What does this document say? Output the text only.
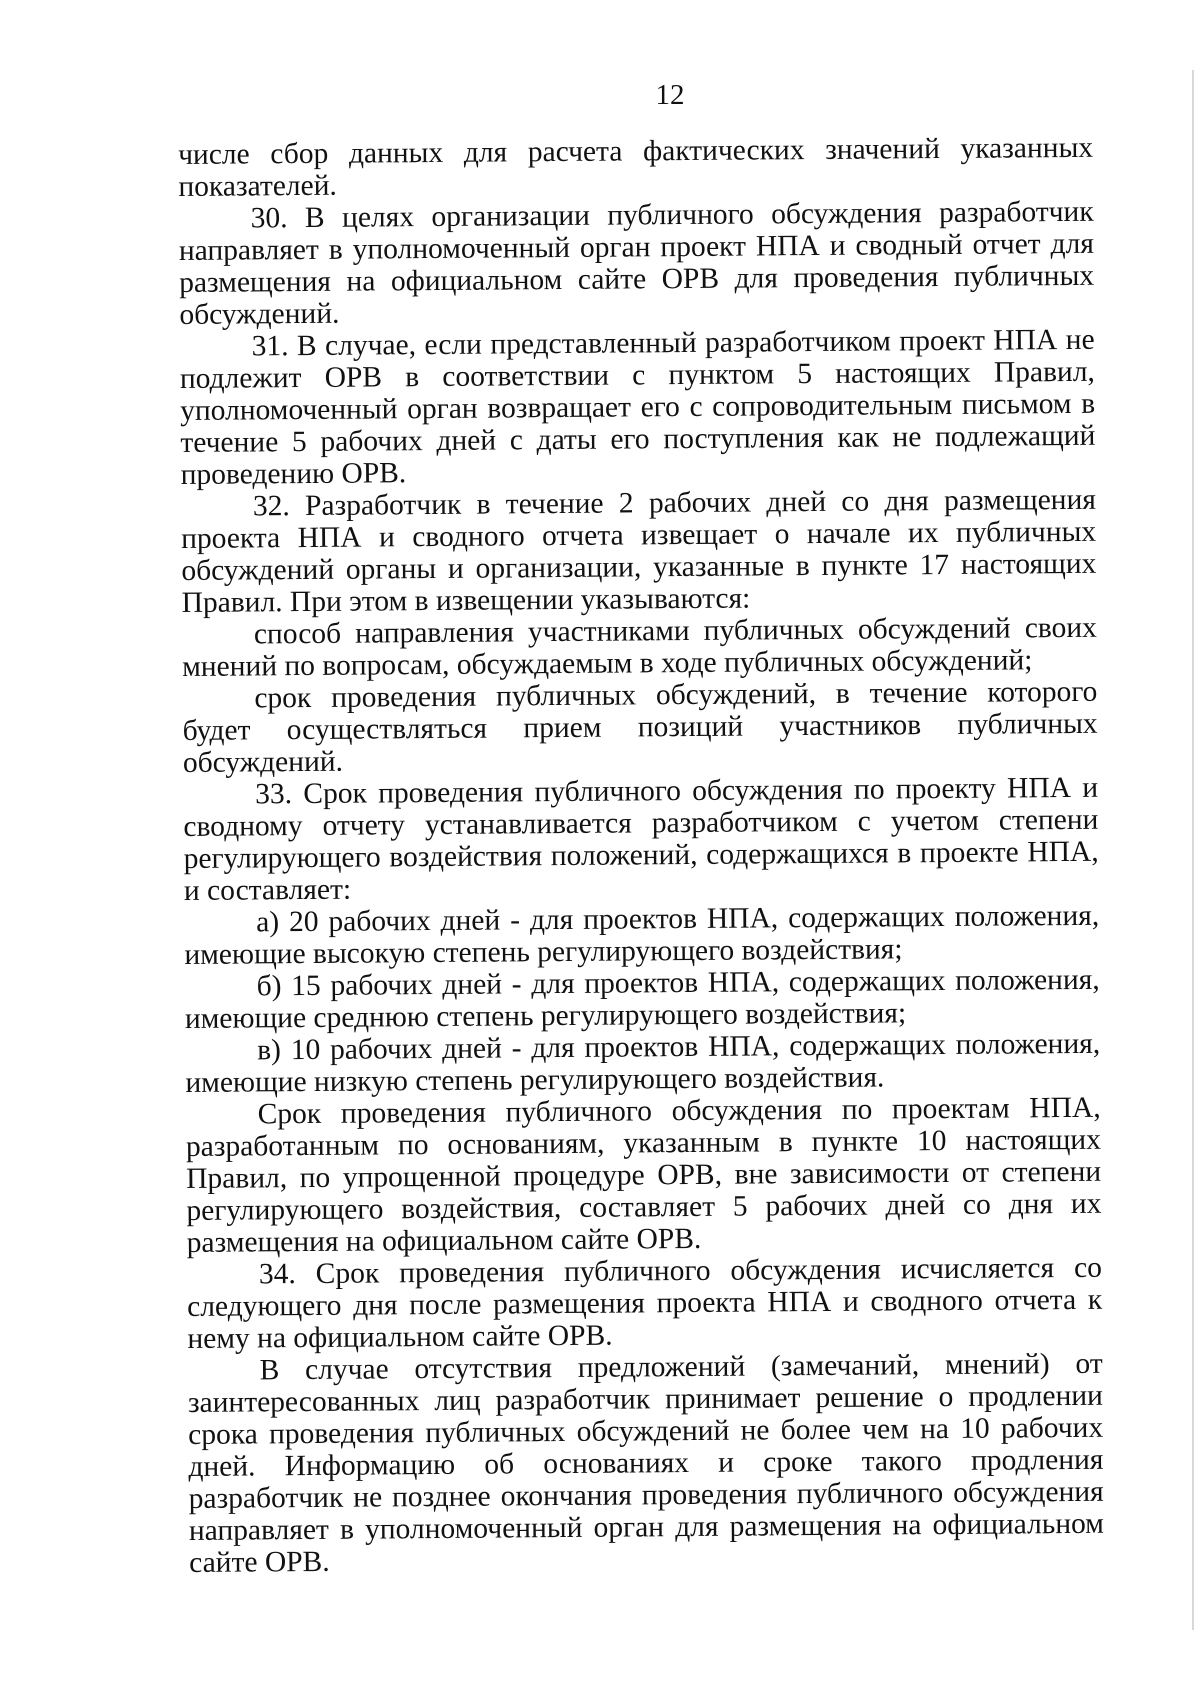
12

числе сбор данных для расчета фактических значений указанных показателей.

30. В целях организации публичного обсуждения разработчик направляет в уполномоченный орган проект НПА и сводный отчет для размещения на официальном сайте ОРВ для проведения публичных обсуждений.

31. В случае, если представленный разработчиком проект НПА не подлежит ОРВ в соответствии с пунктом 5 настоящих Правил, уполномоченный орган возвращает его с сопроводительным письмом в течение 5 рабочих дней с даты его поступления как не подлежащий проведению ОРВ.

32. Разработчик в течение 2 рабочих дней со дня размещения проекта НПА и сводного отчета извещает о начале их публичных обсуждений органы и организации, указанные в пункте 17 настоящих Правил. При этом в извещении указываются:

способ направления участниками публичных обсуждений своих мнений по вопросам, обсуждаемым в ходе публичных обсуждений;

срок проведения публичных обсуждений, в течение которого будет осуществляться прием позиций участников публичных обсуждений.

33. Срок проведения публичного обсуждения по проекту НПА и сводному отчету устанавливается разработчиком с учетом степени регулирующего воздействия положений, содержащихся в проекте НПА, и составляет:

а) 20 рабочих дней - для проектов НПА, содержащих положения, имеющие высокую степень регулирующего воздействия;

б) 15 рабочих дней - для проектов НПА, содержащих положения, имеющие среднюю степень регулирующего воздействия;

в) 10 рабочих дней - для проектов НПА, содержащих положения, имеющие низкую степень регулирующего воздействия.

Срок проведения публичного обсуждения по проектам НПА, разработанным по основаниям, указанным в пункте 10 настоящих Правил, по упрощенной процедуре ОРВ, вне зависимости от степени регулирующего воздействия, составляет 5 рабочих дней со дня их размещения на официальном сайте ОРВ.

34. Срок проведения публичного обсуждения исчисляется со следующего дня после размещения проекта НПА и сводного отчета к нему на официальном сайте ОРВ.

В случае отсутствия предложений (замечаний, мнений) от заинтересованных лиц разработчик принимает решение о продлении срока проведения публичных обсуждений не более чем на 10 рабочих дней. Информацию об основаниях и сроке такого продления разработчик не позднее окончания проведения публичного обсуждения направляет в уполномоченный орган для размещения на официальном сайте ОРВ.
